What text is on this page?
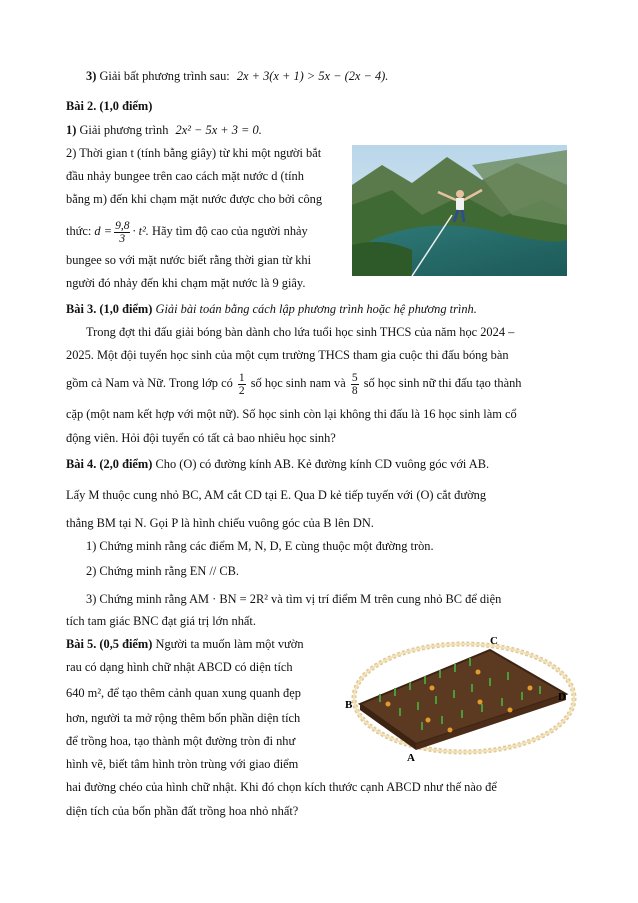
3) Giải bất phương trình sau: 2x + 3(x + 1) > 5x − (2x − 4).
Bài 2. (1,0 điểm)
1) Giải phương trình 2x² − 5x + 3 = 0.
2) Thời gian t (tính bằng giây) từ khi một người bắt
đầu nhảy bungee trên cao cách mặt nước d (tính
bằng m) đến khi chạm mặt nước được cho bởi công
thức: $d = \frac{9,8}{3} \cdot t^2$. Hãy tìm độ cao của người nhảy
bungee so với mặt nước biết rằng thời gian từ khi
người đó nhảy đến khi chạm mặt nước là 9 giây.
Bài 3. (1,0 điểm) Giải bài toán bằng cách lập phương trình hoặc hệ phương trình.
Trong đợt thi đấu giải bóng bàn dành cho lứa tuổi học sinh THCS của năm học 2024 –
2025. Một đội tuyển học sinh của một cụm trường THCS tham gia cuộc thi đấu bóng bàn
gồm cả Nam và Nữ. Trong lớp có $\frac{1}{2}$ số học sinh nam và $\frac{5}{8}$ số học sinh nữ thi đấu tạo thành
cặp (một nam kết hợp với một nữ). Số học sinh còn lại không thi đấu là 16 học sinh làm cổ
động viên. Hỏi đội tuyển có tất cả bao nhiêu học sinh?
Bài 4. (2,0 điểm) Cho (O) có đường kính AB. Kẻ đường kính CD vuông góc với AB.
Lấy M thuộc cung nhỏ BC, AM cắt CD tại E. Qua D kẻ tiếp tuyến với (O) cắt đường
thẳng BM tại N. Gọi P là hình chiếu vuông góc của B lên DN.
1) Chứng minh rằng các điểm M, N, D, E cùng thuộc một đường tròn.
2) Chứng minh rằng EN // CB.
3) Chứng minh rằng AM · BN = 2R² và tìm vị trí điểm M trên cung nhỏ BC để diện
tích tam giác BNC đạt giá trị lớn nhất.
Bài 5. (0,5 điểm) Người ta muốn làm một vườn
rau có dạng hình chữ nhật ABCD có diện tích
640 m², để tạo thêm cảnh quan xung quanh đẹp
hơn, người ta mở rộng thêm bốn phần diện tích
để trồng hoa, tạo thành một đường tròn đi như
hình vẽ, biết tâm hình tròn trùng với giao điểm
hai đường chéo của hình chữ nhật. Khi đó chọn kích thước cạnh ABCD như thế nào để
diện tích của bốn phần đất trồng hoa nhỏ nhất?
C
B
D
A
